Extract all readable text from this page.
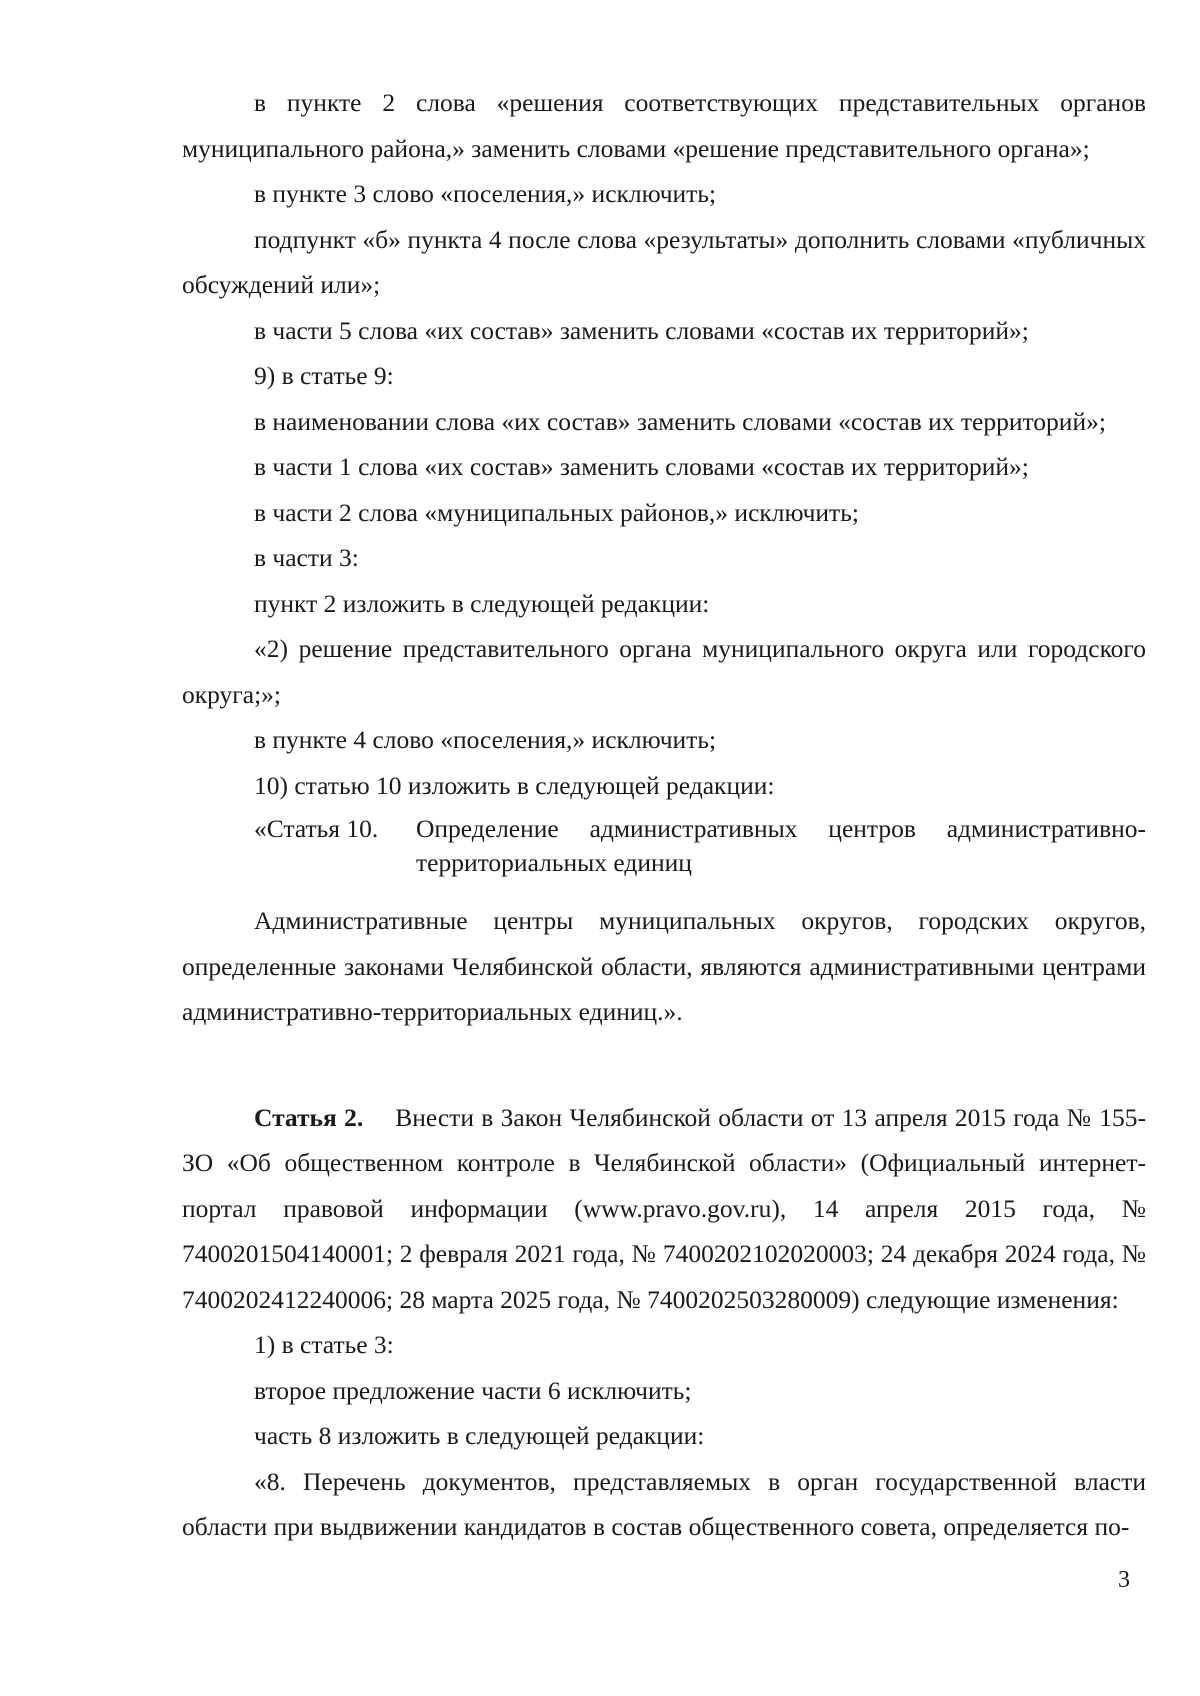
в пункте 2 слова «решения соответствующих представительных органов муниципального района,» заменить словами «решение представительного органа»;

в пункте 3 слово «поселения,» исключить;

подпункт «б» пункта 4 после слова «результаты» дополнить словами «публичных обсуждений или»;

в части 5 слова «их состав» заменить словами «состав их территорий»;

9) в статье 9:

в наименовании слова «их состав» заменить словами «состав их территорий»;

в части 1 слова «их состав» заменить словами «состав их территорий»;

в части 2 слова «муниципальных районов,» исключить;

в части 3:

пункт 2 изложить в следующей редакции:

«2) решение представительного органа муниципального округа или городского округа;»;

в пункте 4 слово «поселения,» исключить;

10) статью 10 изложить в следующей редакции:

«Статья 10.	Определение административных центров административно-
территориальных единиц

Административные центры муниципальных округов, городских округов, определенные законами Челябинской области, являются административными центрами административно-территориальных единиц.».

Статья 2. Внести в Закон Челябинской области от 13 апреля 2015 года № 155-ЗО «Об общественном контроле в Челябинской области» (Официальный интернет-портал правовой информации (www.pravo.gov.ru), 14 апреля 2015 года, № 7400201504140001; 2 февраля 2021 года, № 7400202102020003; 24 декабря 2024 года, № 7400202412240006; 28 марта 2025 года, № 7400202503280009) следующие изменения:

1) в статье 3:

второе предложение части 6 исключить;

часть 8 изложить в следующей редакции:

«8. Перечень документов, представляемых в орган государственной власти области при выдвижении кандидатов в состав общественного совета, определяется по-

3
